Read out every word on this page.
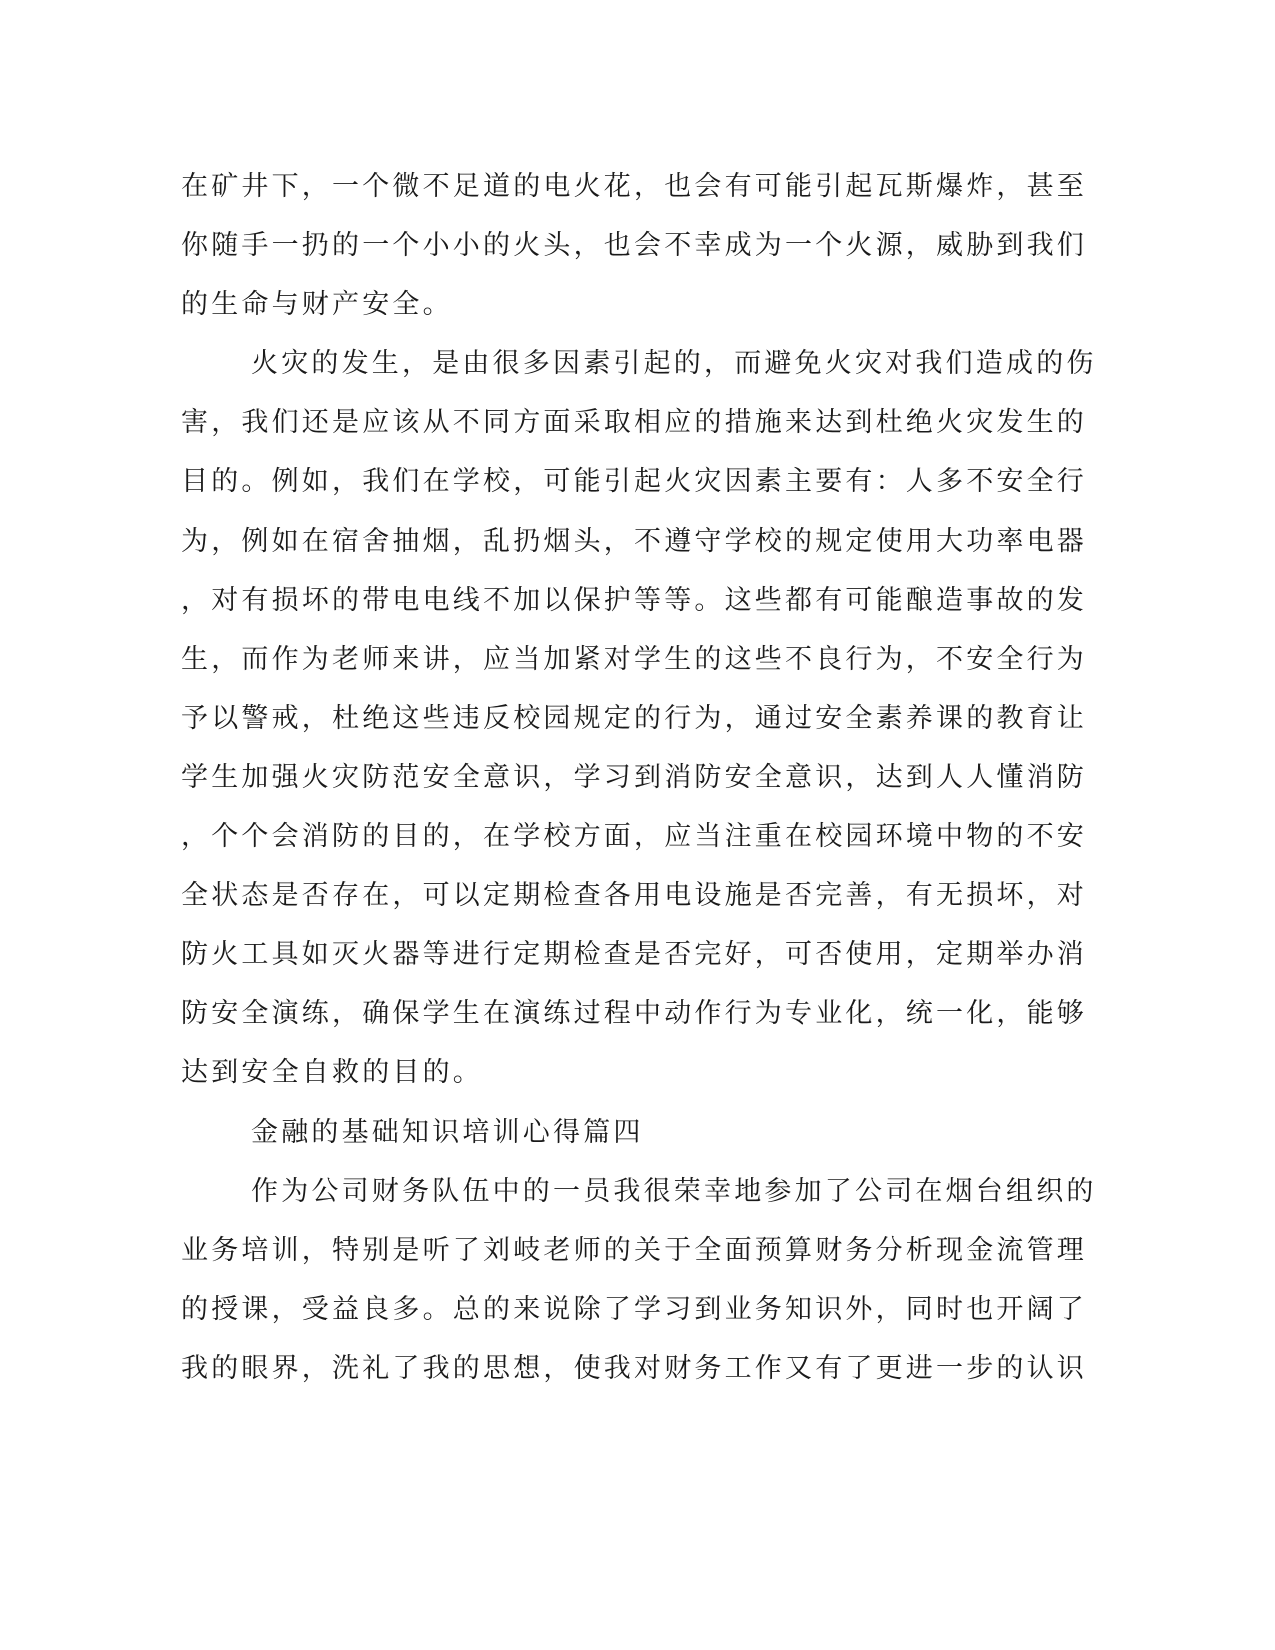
在矿井下，一个微不足道的电火花，也会有可能引起瓦斯爆炸，甚至
你随手一扔的一个小小的火头，也会不幸成为一个火源，威胁到我们
的生命与财产安全。
火灾的发生，是由很多因素引起的，而避免火灾对我们造成的伤
害，我们还是应该从不同方面采取相应的措施来达到杜绝火灾发生的
目的。例如，我们在学校，可能引起火灾因素主要有：人多不安全行
为，例如在宿舍抽烟，乱扔烟头，不遵守学校的规定使用大功率电器
，对有损坏的带电电线不加以保护等等。这些都有可能酿造事故的发
生，而作为老师来讲，应当加紧对学生的这些不良行为，不安全行为
予以警戒，杜绝这些违反校园规定的行为，通过安全素养课的教育让
学生加强火灾防范安全意识，学习到消防安全意识，达到人人懂消防
，个个会消防的目的，在学校方面，应当注重在校园环境中物的不安
全状态是否存在，可以定期检查各用电设施是否完善，有无损坏，对
防火工具如灭火器等进行定期检查是否完好，可否使用，定期举办消
防安全演练，确保学生在演练过程中动作行为专业化，统一化，能够
达到安全自救的目的。
金融的基础知识培训心得篇四
作为公司财务队伍中的一员我很荣幸地参加了公司在烟台组织的
业务培训，特别是听了刘岐老师的关于全面预算财务分析现金流管理
的授课，受益良多。总的来说除了学习到业务知识外，同时也开阔了
我的眼界，洗礼了我的思想，使我对财务工作又有了更进一步的认识
